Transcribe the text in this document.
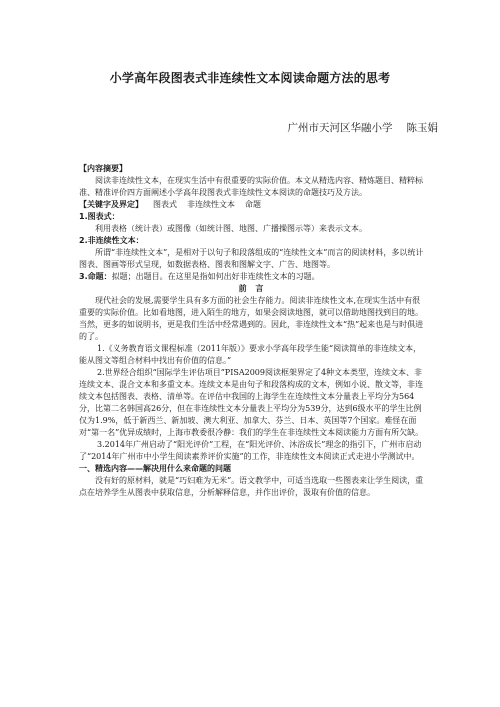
小学高年段图表式非连续性文本阅读命题方法的思考
广州市天河区华融小学 陈玉娟

【内容摘要】

阅读非连续性文本，在现实生活中有很重要的实际价值。本文从精选内容、精炼题目、精粹标准、精准评价四方面阐述小学高年段图表式非连续性文本阅读的命题技巧及方法。

【关键字及界定】 图表式 非连续性文本 命题

1.图表式：

利用表格（统计表）或图像（如统计图、地图、广播操图示等）来表示文本。

2.非连续性文本：

所谓“非连续性文本”，是相对于以句子和段落组成的“连续性文本”而言的阅读材料，多以统计图表、图画等形式呈现，如数据表格、图表和图解文字、广告、地图等。

3.命题：拟题；出题目。在这里是指如何出好非连续性文本的习题。

前 言

现代社会的发展,需要学生具有多方面的社会生存能力。阅读非连续性文本,在现实生活中有很重要的实际价值。比如看地图，进入陌生的地方，如果会阅读地图，就可以借助地图找到目的地。当然，更多的如说明书，更是我们生活中经常遇到的。因此，非连续性文本“热”起来也是与时俱进的了。

1.《义务教育语文课程标准（2011年版）》要求小学高年段学生能“阅读简单的非连续文本，能从图文等组合材料中找出有价值的信息。”

2.世界经合组织“国际学生评估项目”PISA2009阅读框架界定了4种文本类型，连续文本、非连续文本、混合文本和多重文本。连续文本是由句子和段落构成的文本，例如小说、散文等，非连续文本包括图表、表格、清单等。在评估中我国的上海学生在连续性文本分量表上平均分为564分，比第二名韩国高26分，但在非连续性文本分量表上平均分为539分，达到6级水平的学生比例仅为1.9%，低于新西兰、新加坡、澳大利亚、加拿大、芬兰、日本、英国等7个国家。难怪在面对“第一名”优异成绩时，上海市教委很冷静：我们的学生在非连续性文本阅读能力方面有所欠缺。

3.2014年广州启动了“阳光评价”工程，在“阳光评价、沐浴成长”理念的指引下，广州市启动了“2014年广州市中小学生阅读素养评价实施”的工作，非连续性文本阅读正式走进小学测试中。

一、精选内容——解决用什么来命题的问题

没有好的原材料，就是“巧妇难为无米”。语文教学中，可适当选取一些图表来让学生阅读，重点在培养学生从图表中获取信息，分析解释信息，并作出评价，汲取有价值的信息。
